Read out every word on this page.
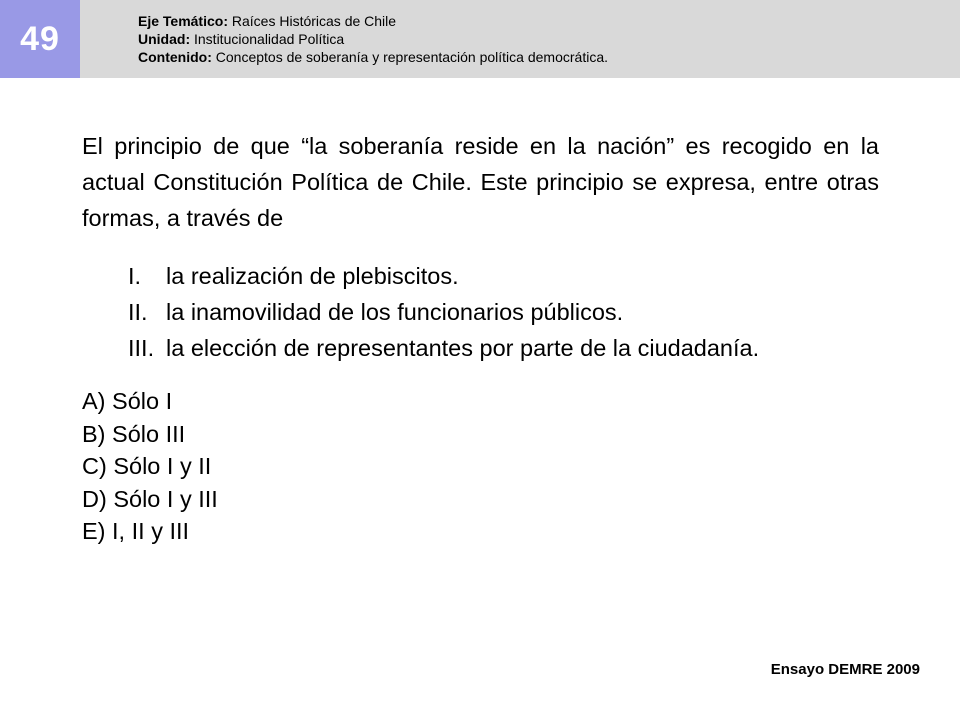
49	Eje Temático: Raíces Históricas de Chile
Unidad: Institucionalidad Política
Contenido: Conceptos de soberanía y representación política democrática.
El principio de que “la soberanía reside en la nación” es recogido en la actual Constitución Política de Chile. Este principio se expresa, entre otras formas, a través de
I. la realización de plebiscitos.
II. la inamovilidad de los funcionarios públicos.
III. la elección de representantes por parte de la ciudadanía.
A) Sólo I
B) Sólo III
C) Sólo I y II
D) Sólo I y III
E) I, II y III
Ensayo DEMRE 2009
